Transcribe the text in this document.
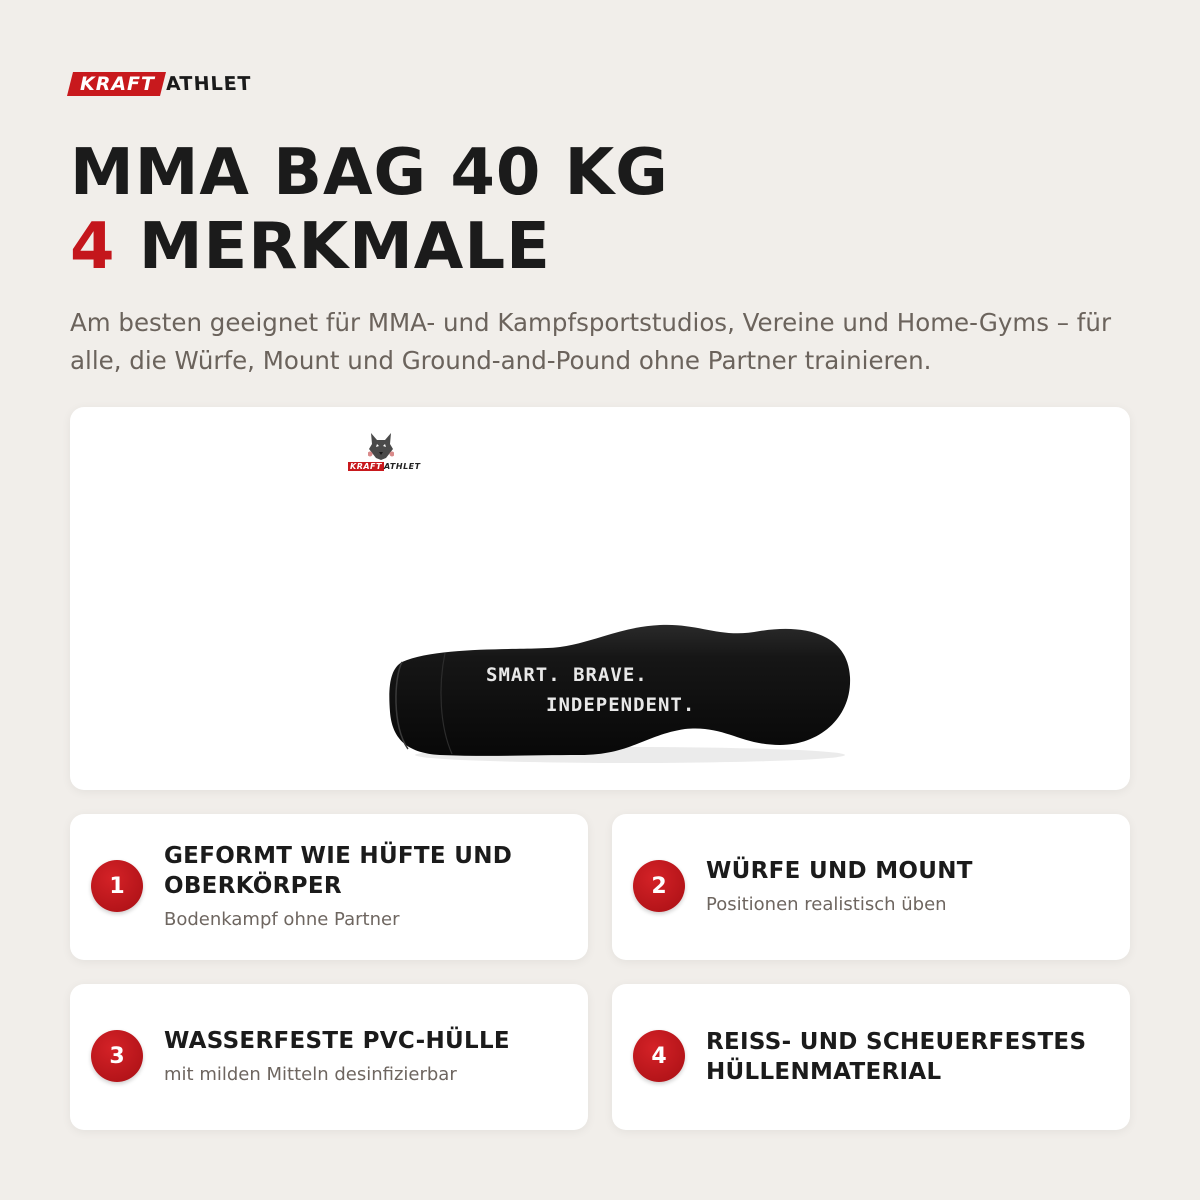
KRAFT ATHLET
MMA BAG 40 KG
4 MERKMALE

Am besten geeignet für MMA- und Kampfsportstudios, Vereine und Home-Gyms – für alle, die Würfe, Mount und Ground-and-Pound ohne Partner trainieren.

KRAFT ATHLET
SMART. BRAVE.
INDEPENDENT.
1
GEFORMT WIE HÜFTE UND OBERKÖRPER
Bodenkampf ohne Partner
2
WÜRFE UND MOUNT
Positionen realistisch üben
3
WASSERFESTE PVC-HÜLLE
mit milden Mitteln desinfizierbar
4
REISS- UND SCHEUERFESTES HÜLLENMATERIAL
